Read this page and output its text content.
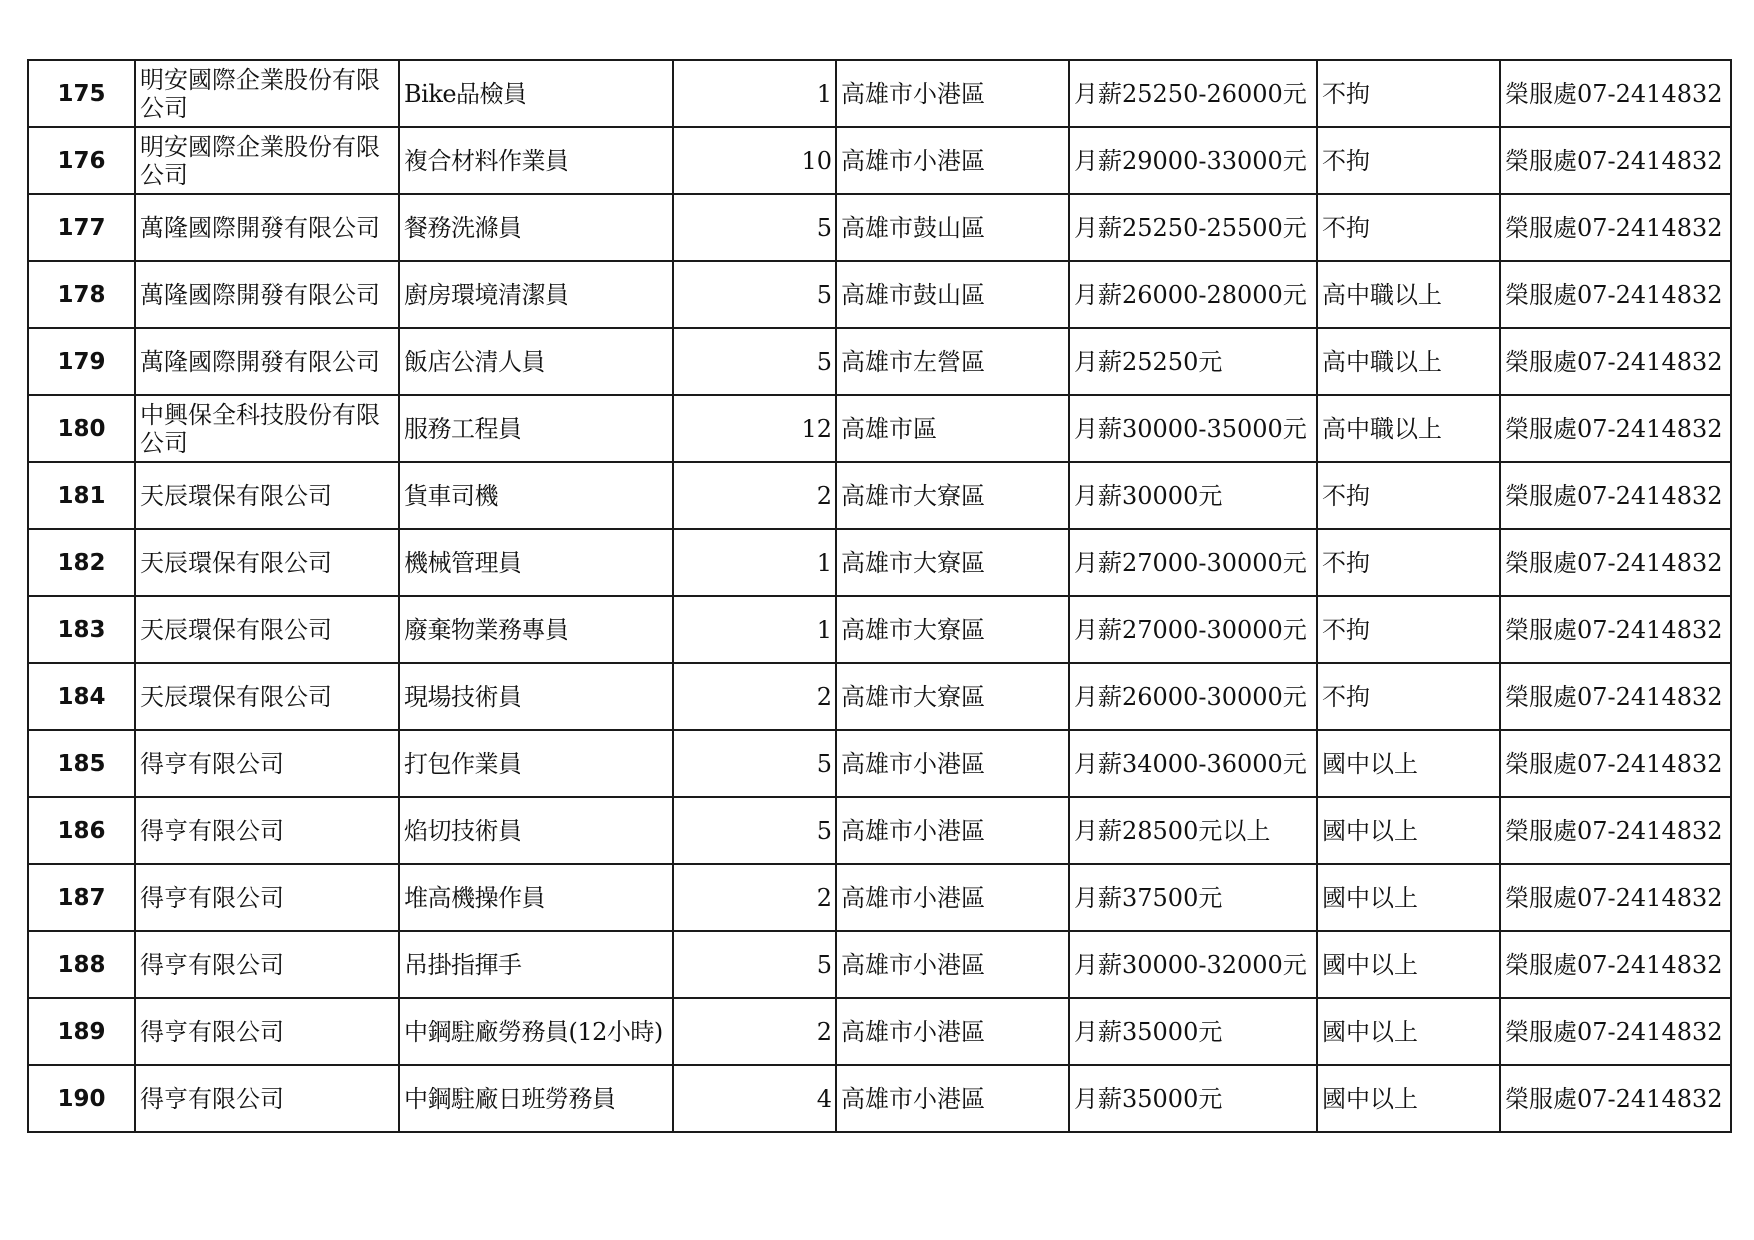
175	明安國際企業股份有限公司	Bike品檢員	1	高雄市小港區	月薪25250-26000元	不拘	榮服處07-2414832
176	明安國際企業股份有限公司	複合材料作業員	10	高雄市小港區	月薪29000-33000元	不拘	榮服處07-2414832
177	萬隆國際開發有限公司	餐務洗滌員	5	高雄市鼓山區	月薪25250-25500元	不拘	榮服處07-2414832
178	萬隆國際開發有限公司	廚房環境清潔員	5	高雄市鼓山區	月薪26000-28000元	高中職以上	榮服處07-2414832
179	萬隆國際開發有限公司	飯店公清人員	5	高雄市左營區	月薪25250元	高中職以上	榮服處07-2414832
180	中興保全科技股份有限公司	服務工程員	12	高雄市區	月薪30000-35000元	高中職以上	榮服處07-2414832
181	天辰環保有限公司	貨車司機	2	高雄市大寮區	月薪30000元	不拘	榮服處07-2414832
182	天辰環保有限公司	機械管理員	1	高雄市大寮區	月薪27000-30000元	不拘	榮服處07-2414832
183	天辰環保有限公司	廢棄物業務專員	1	高雄市大寮區	月薪27000-30000元	不拘	榮服處07-2414832
184	天辰環保有限公司	現場技術員	2	高雄市大寮區	月薪26000-30000元	不拘	榮服處07-2414832
185	得亨有限公司	打包作業員	5	高雄市小港區	月薪34000-36000元	國中以上	榮服處07-2414832
186	得亨有限公司	焰切技術員	5	高雄市小港區	月薪28500元以上	國中以上	榮服處07-2414832
187	得亨有限公司	堆高機操作員	2	高雄市小港區	月薪37500元	國中以上	榮服處07-2414832
188	得亨有限公司	吊掛指揮手	5	高雄市小港區	月薪30000-32000元	國中以上	榮服處07-2414832
189	得亨有限公司	中鋼駐廠勞務員(12小時)	2	高雄市小港區	月薪35000元	國中以上	榮服處07-2414832
190	得亨有限公司	中鋼駐廠日班勞務員	4	高雄市小港區	月薪35000元	國中以上	榮服處07-2414832
